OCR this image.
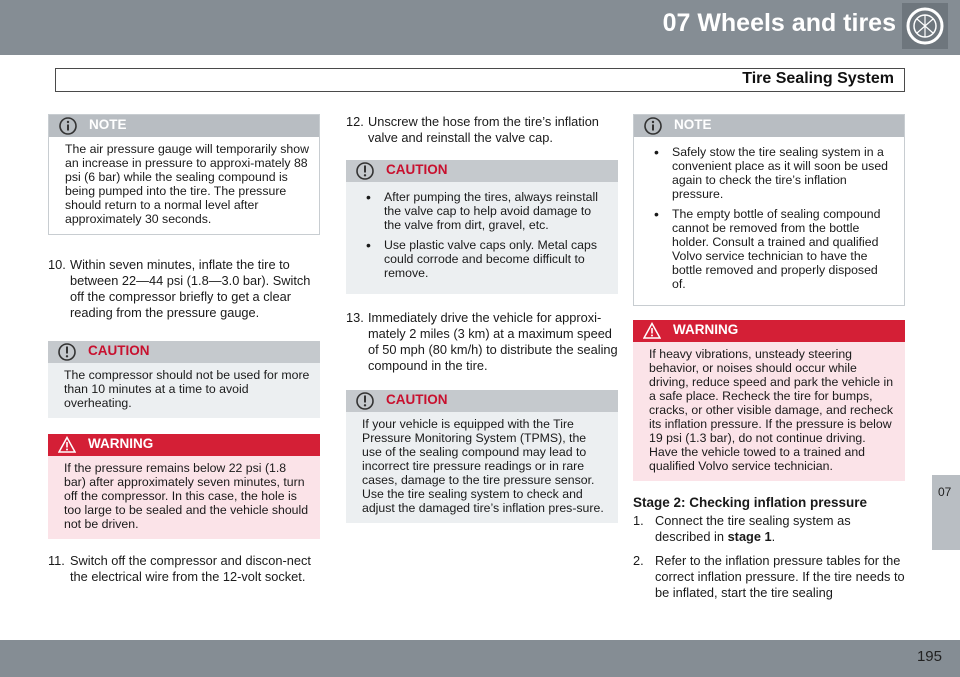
07 Wheels and tires
Tire Sealing System
NOTE
The air pressure gauge will temporarily show an increase in pressure to approxi-mately 88 psi (6 bar) while the sealing compound is being pumped into the tire. The pressure should return to a normal level after approximately 30 seconds.
10. Within seven minutes, inflate the tire to between 22—44 psi (1.8—3.0 bar). Switch off the compressor briefly to get a clear reading from the pressure gauge.
CAUTION
The compressor should not be used for more than 10 minutes at a time to avoid overheating.
WARNING
If the pressure remains below 22 psi (1.8 bar) after approximately seven minutes, turn off the compressor. In this case, the hole is too large to be sealed and the vehicle should not be driven.
11. Switch off the compressor and discon-nect the electrical wire from the 12-volt socket.
12. Unscrew the hose from the tire’s inflation valve and reinstall the valve cap.
CAUTION
• After pumping the tires, always reinstall the valve cap to help avoid damage to the valve from dirt, gravel, etc.
• Use plastic valve caps only. Metal caps could corrode and become difficult to remove.
13. Immediately drive the vehicle for approxi-mately 2 miles (3 km) at a maximum speed of 50 mph (80 km/h) to distribute the sealing compound in the tire.
CAUTION
If your vehicle is equipped with the Tire Pressure Monitoring System (TPMS), the use of the sealing compound may lead to incorrect tire pressure readings or in rare cases, damage to the tire pressure sensor. Use the tire sealing system to check and adjust the damaged tire’s inflation pres-sure.
NOTE
• Safely stow the tire sealing system in a convenient place as it will soon be used again to check the tire’s inflation pressure.
• The empty bottle of sealing compound cannot be removed from the bottle holder. Consult a trained and qualified Volvo service technician to have the bottle removed and properly disposed of.
WARNING
If heavy vibrations, unsteady steering behavior, or noises should occur while driving, reduce speed and park the vehicle in a safe place. Recheck the tire for bumps, cracks, or other visible damage, and recheck its inflation pressure. If the pressure is below 19 psi (1.3 bar), do not continue driving. Have the vehicle towed to a trained and qualified Volvo service technician.
Stage 2: Checking inflation pressure
1. Connect the tire sealing system as described in stage 1.
2. Refer to the inflation pressure tables for the correct inflation pressure. If the tire needs to be inflated, start the tire sealing
07
195
